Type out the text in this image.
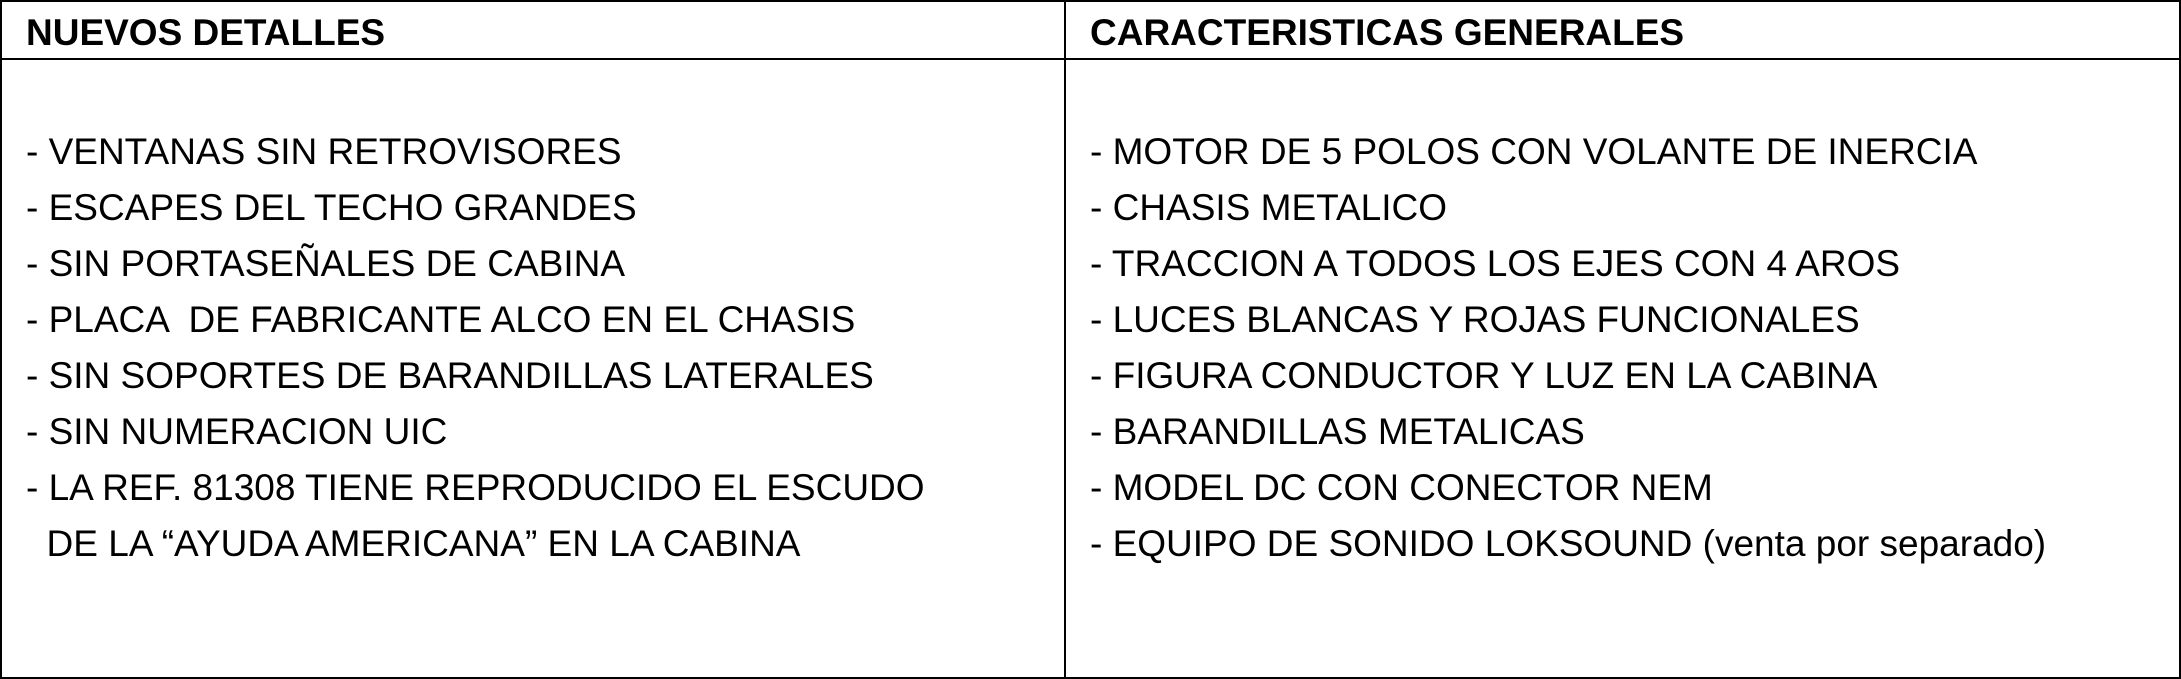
NUEVOS DETALLES
- VENTANAS SIN RETROVISORES
- ESCAPES DEL TECHO GRANDES
- SIN PORTASEÑALES DE CABINA
- PLACA  DE FABRICANTE ALCO EN EL CHASIS
- SIN SOPORTES DE BARANDILLAS LATERALES
- SIN NUMERACION UIC
- LA REF. 81308 TIENE REPRODUCIDO EL ESCUDO
DE LA “AYUDA AMERICANA” EN LA CABINA
CARACTERISTICAS GENERALES
- MOTOR DE 5 POLOS CON VOLANTE DE INERCIA
- CHASIS METALICO
- TRACCION A TODOS LOS EJES CON 4 AROS
- LUCES BLANCAS Y ROJAS FUNCIONALES
- FIGURA CONDUCTOR Y LUZ EN LA CABINA
- BARANDILLAS METALICAS
- MODEL DC CON CONECTOR NEM
- EQUIPO DE SONIDO LOKSOUND (venta por separado)
